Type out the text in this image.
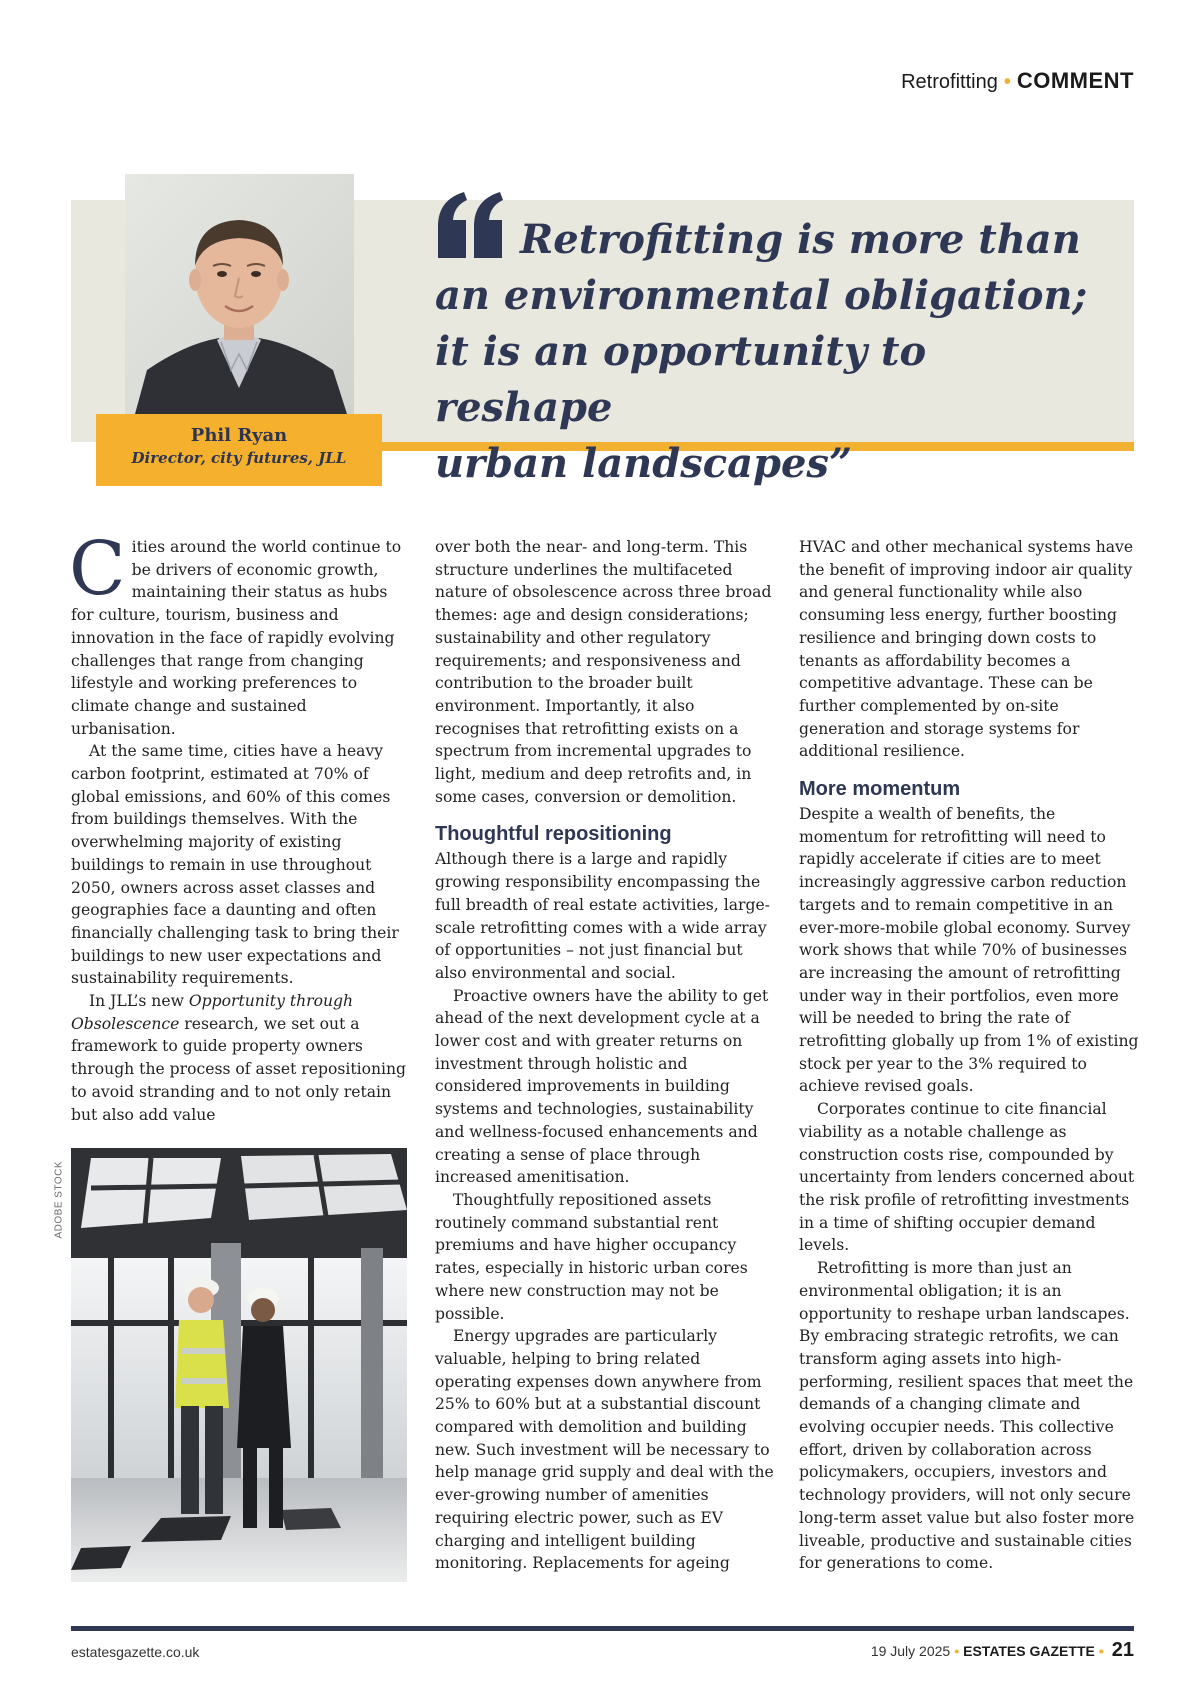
Retrofitting • COMMENT
Phil Ryan
Director, city futures, JLL
Retrofitting is more than
an environmental obligation;
it is an opportunity to reshape
urban landscapes”

Cities around the world continue to be drivers of economic growth, maintaining their status as hubs for culture, tourism, business and innovation in the face of rapidly evolving challenges that range from changing lifestyle and working preferences to climate change and sustained urbanisation.

At the same time, cities have a heavy carbon footprint, estimated at 70% of global emissions, and 60% of this comes from buildings themselves. With the overwhelming majority of existing buildings to remain in use throughout 2050, owners across asset classes and geographies face a daunting and often financially challenging task to bring their buildings to new user expectations and sustainability requirements.

In JLL’s new Opportunity through Obsolescence research, we set out a framework to guide property owners through the process of asset repositioning to avoid stranding and to not only retain but also add value

ADOBE STOCK

over both the near- and long-term. This structure underlines the multifaceted nature of obsolescence across three broad themes: age and design considerations; sustainability and other regulatory requirements; and responsiveness and contribution to the broader built environment. Importantly, it also recognises that retrofitting exists on a spectrum from incremental upgrades to light, medium and deep retrofits and, in some cases, conversion or demolition.

Thoughtful repositioning

Although there is a large and rapidly growing responsibility encompassing the full breadth of real estate activities, large-scale retrofitting comes with a wide array of opportunities – not just financial but also environmental and social.

Proactive owners have the ability to get ahead of the next development cycle at a lower cost and with greater returns on investment through holistic and considered improvements in building systems and technologies, sustainability and wellness-focused enhancements and creating a sense of place through increased amenitisation.

Thoughtfully repositioned assets routinely command substantial rent premiums and have higher occupancy rates, especially in historic urban cores where new construction may not be possible.

Energy upgrades are particularly valuable, helping to bring related operating expenses down anywhere from 25% to 60% but at a substantial discount compared with demolition and building new. Such investment will be necessary to help manage grid supply and deal with the ever-growing number of amenities requiring electric power, such as EV charging and intelligent building monitoring. Replacements for ageing

HVAC and other mechanical systems have the benefit of improving indoor air quality and general functionality while also consuming less energy, further boosting resilience and bringing down costs to tenants as affordability becomes a competitive advantage. These can be further complemented by on-site generation and storage systems for additional resilience.

More momentum

Despite a wealth of benefits, the momentum for retrofitting will need to rapidly accelerate if cities are to meet increasingly aggressive carbon reduction targets and to remain competitive in an ever-more-mobile global economy. Survey work shows that while 70% of businesses are increasing the amount of retrofitting under way in their portfolios, even more will be needed to bring the rate of retrofitting globally up from 1% of existing stock per year to the 3% required to achieve revised goals.

Corporates continue to cite financial viability as a notable challenge as construction costs rise, compounded by uncertainty from lenders concerned about the risk profile of retrofitting investments in a time of shifting occupier demand levels.

Retrofitting is more than just an environmental obligation; it is an opportunity to reshape urban landscapes. By embracing strategic retrofits, we can transform aging assets into high-performing, resilient spaces that meet the demands of a changing climate and evolving occupier needs. This collective effort, driven by collaboration across policymakers, occupiers, investors and technology providers, will not only secure long-term asset value but also foster more liveable, productive and sustainable cities for generations to come.

estatesgazette.co.uk	19 July 2025 • ESTATES GAZETTE • 21
